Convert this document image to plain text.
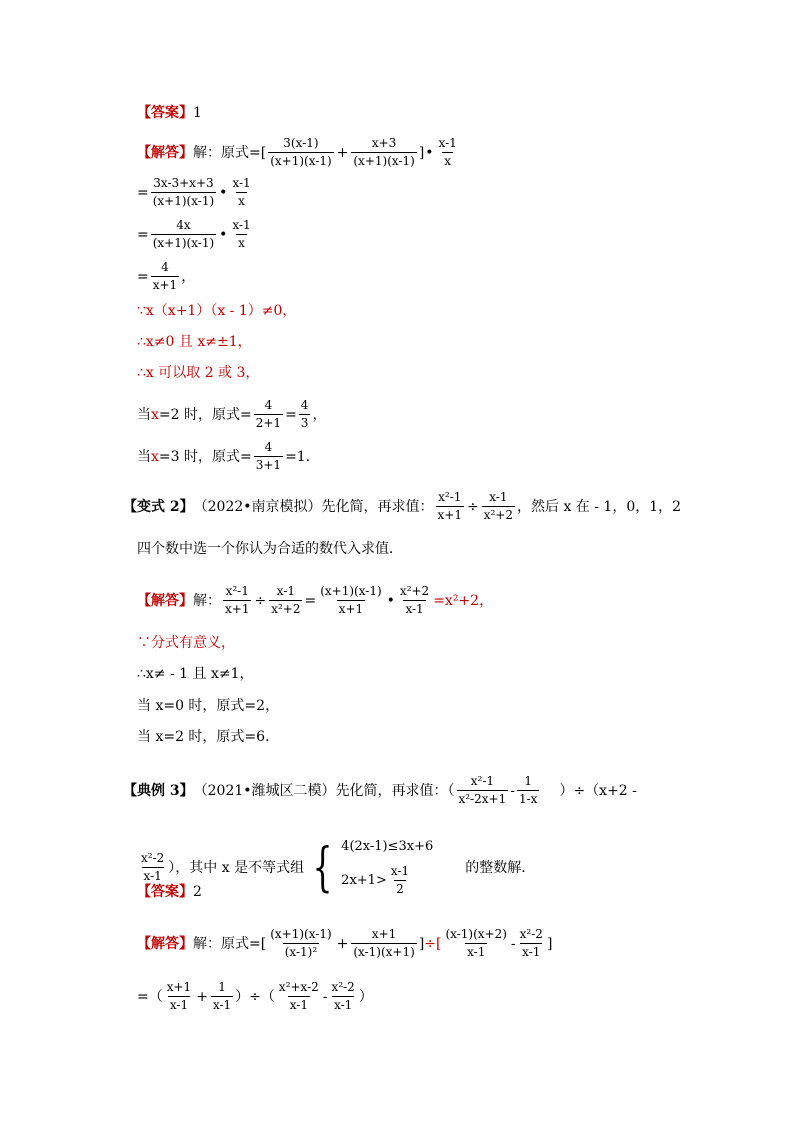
【答案】 1
【解答】 解：原式=[ $\frac{3(x-1)}{(x+1)(x-1)} + \frac{x+3}{(x+1)(x-1)}$ ] • $\frac{x-1}{x}$
= $\frac{3x-3+x+3}{(x+1)(x-1)}$ • $\frac{x-1}{x}$
= $\frac{4x}{(x+1)(x-1)}$ • $\frac{x-1}{x}$
= $\frac{4}{x+1}$ ，
∵x（x+1）（x - 1）≠0，
∴x≠0 且 x≠±1，
∴x 可以取 2 或 3，
当 x =2 时，原式= $\frac{4}{2+1} = \frac{4}{3}$ ，
当 x =3 时，原式= $\frac{4}{3+1} =1$．
【变式 2】 （2022•南京模拟） 先化简，再求值： $\frac{\text{x²-1}}{x+1} \div \frac{x-1}{\text{x²+2}}$ ，然后 x 在 - 1，0，1，2
四个数中选一个你认为合适的数代入求值．
【解答】 解： $\frac{\text{x²-1}}{x+1} \div \frac{x-1}{\text{x²+2}} = \frac{(x+1)(x-1)}{x+1}$ • $\frac{\text{x²+2}}{x-1} =x^2+2$，
∵分式有意义，
∴x≠ - 1 且 x≠1，
当 x=0 时，原式=2，
当 x=2 时，原式=6．
【典例 3】 （2021•潍城区二模） 先化简，再求值：（ $\frac{\text{x²-1}}{\text{x²-2x+1}} - \frac{1}{1-x} )\div(x+2$ -
$\frac{\text{x²-2}}{x-1}$ ），其中 x 是不等式组 { 4(2x-1)≤3x+6
$2x+1> \frac{x-1}{2}$	的整数解．
【答案】 2
【解答】 解：原式=[ $\frac{(x+1)(x-1)}{\text{(x-1)²}} + \frac{x+1}{(x-1)(x+1)}$ ] ÷[ $\frac{(x-1)(x+2)}{x-1} - \frac{\text{x²-2}}{x-1}$ ]
=（ $\frac{x+1}{x-1} + \frac{1}{x-1}$ ）÷（ $\frac{\text{x²+x-2}}{x-1} - \frac{\text{x²-2}}{x-1}$ ）
